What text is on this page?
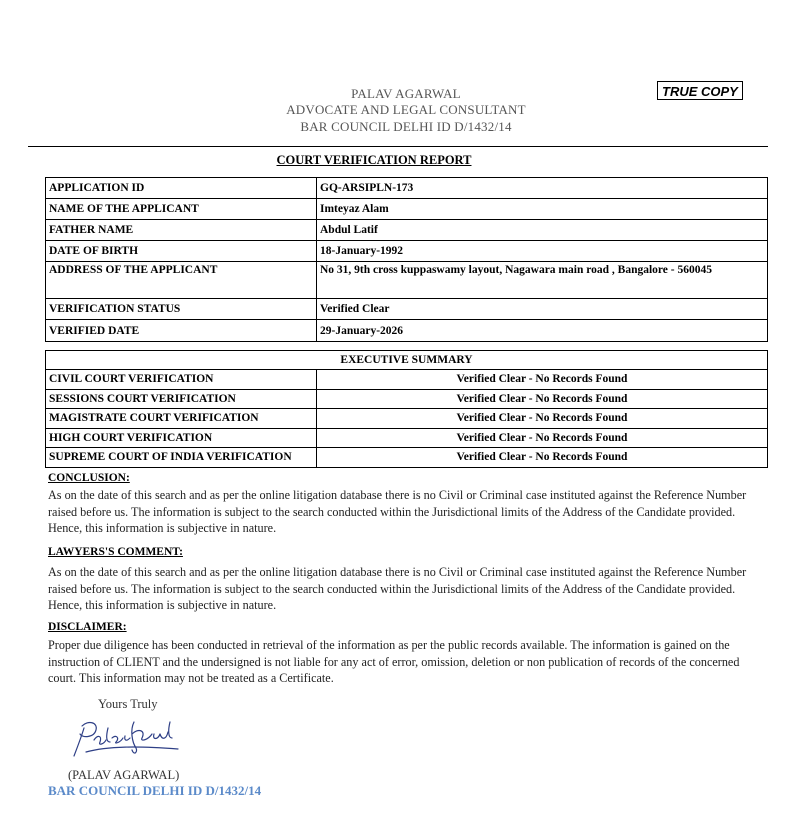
TRUE COPY
PALAV AGARWAL
ADVOCATE AND LEGAL CONSULTANT
BAR COUNCIL DELHI ID D/1432/14
COURT VERIFICATION REPORT
APPLICATION ID	GQ-ARSIPLN-173
NAME OF THE APPLICANT	Imteyaz Alam
FATHER NAME	Abdul Latif
DATE OF BIRTH	18-January-1992
ADDRESS OF THE APPLICANT	No 31, 9th cross kuppaswamy layout, Nagawara main road , Bangalore - 560045
VERIFICATION STATUS	Verified Clear
VERIFIED DATE	29-January-2026
EXECUTIVE SUMMARY	
CIVIL COURT VERIFICATION	Verified Clear - No Records Found
SESSIONS COURT VERIFICATION	Verified Clear - No Records Found
MAGISTRATE COURT VERIFICATION	Verified Clear - No Records Found
HIGH COURT VERIFICATION	Verified Clear - No Records Found
SUPREME COURT OF INDIA VERIFICATION	Verified Clear - No Records Found
CONCLUSION:
As on the date of this search and as per the online litigation database there is no Civil or Criminal case instituted against the Reference Number raised before us. The information is subject to the search conducted within the Jurisdictional limits of the Address of the Candidate provided. Hence, this information is subjective in nature.
LAWYERS'S COMMENT:
As on the date of this search and as per the online litigation database there is no Civil or Criminal case instituted against the Reference Number raised before us. The information is subject to the search conducted within the Jurisdictional limits of the Address of the Candidate provided. Hence, this information is subjective in nature.
DISCLAIMER:
Proper due diligence has been conducted in retrieval of the information as per the public records available. The information is gained on the instruction of CLIENT and the undersigned is not liable for any act of error, omission, deletion or non publication of records of the concerned court. This information may not be treated as a Certificate.
Yours Truly
(PALAV AGARWAL)
BAR COUNCIL DELHI ID D/1432/14
